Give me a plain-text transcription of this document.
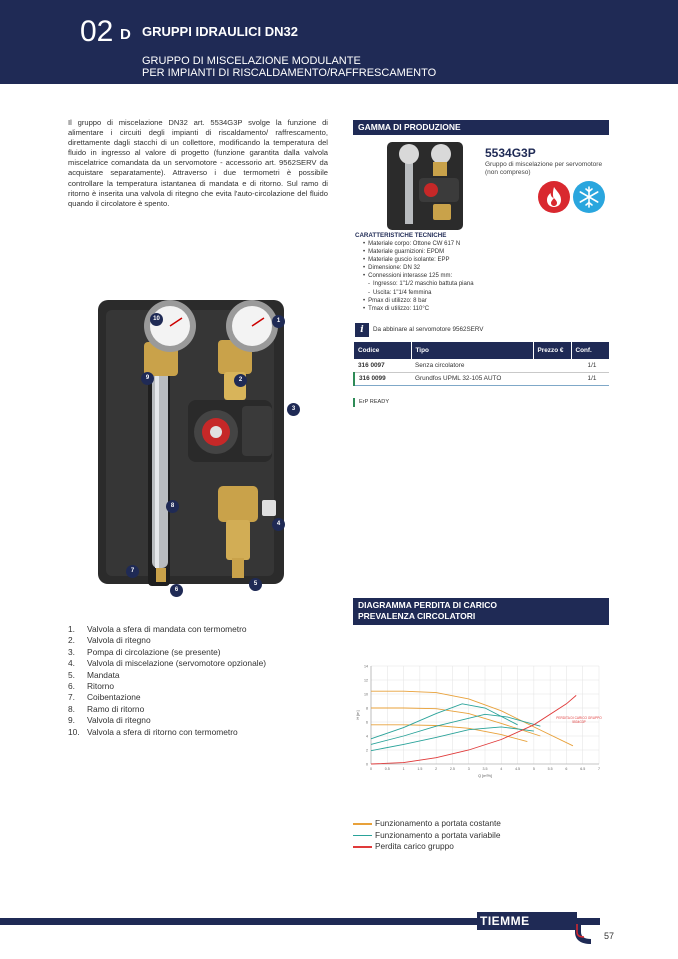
02 D GRUPPI IDRAULICI DN32
GRUPPO DI MISCELAZIONE MODULANTE
PER IMPIANTI DI RISCALDAMENTO/RAFFRESCAMENTO

Il gruppo di miscelazione DN32 art. 5534G3P svolge la funzione di alimentare i circuiti degli impianti di riscaldamento/ raffrescamento, direttamente dagli stacchi di un collettore, modificando la temperatura del fluido in ingresso al valore di progetto (funzione garantita dalla valvola miscelatrice comandata da un servomotore - accessorio art. 9562SERV da acquistare separatamente). Attraverso i due termometri è possibile controllare la temperatura istantanea di mandata e di ritorno. Sul ramo di ritorno è inserita una valvola di ritegno che evita l'auto-circolazione del fluido quando il circolatore è spento.

10	1
9	2
3
8
4
7
5
6
1.	Valvola a sfera di mandata con termometro
2.	Valvola di ritegno
3.	Pompa di circolazione (se presente)
4.	Valvola di miscelazione (servomotore opzionale)
5.	Mandata
6.	Ritorno
7.	Coibentazione
8.	Ramo di ritorno
9.	Valvola di ritegno
10. Valvola a sfera di ritorno con termometro
GAMMA DI PRODUZIONE
5534G3P
Gruppo di miscelazione per servomotore (non compreso)
CARATTERISTICHE TECNICHE
• Materiale corpo: Ottone CW 617 N
• Materiale guarnizioni: EPDM
• Materiale guscio isolante: EPP
• Dimensione: DN 32
• Connessioni interasse 125 mm:
- Ingresso: 1"1/2 maschio battuta piana
- Uscita: 1"1/4 femmina
• Pmax di utilizzo: 8 bar
• Tmax di utilizzo: 110°C
i	Da abbinare al servomotore 9562SERV
Codice	Tipo	Prezzo €	Conf.
316 0097	Senza circolatore		1/1
316 0099	Grundfos UPML 32-105 AUTO		1/1
ErP READY
DIAGRAMMA PERDITA DI CARICO
PREVALENZA CIRCOLATORI
0
2
4
6
8
10
12
14
0	0.5	1	1.5	2	2.5	3	3.5	4	4.5	5	5.5	6	6.5	7
Q [m³/h]
H [m]	PERDITA DI CARICO GRUPPO
5534G3P
Funzionamento a portata costante
Funzionamento a portata variabile
Perdita carico gruppo
TIEMME
57
